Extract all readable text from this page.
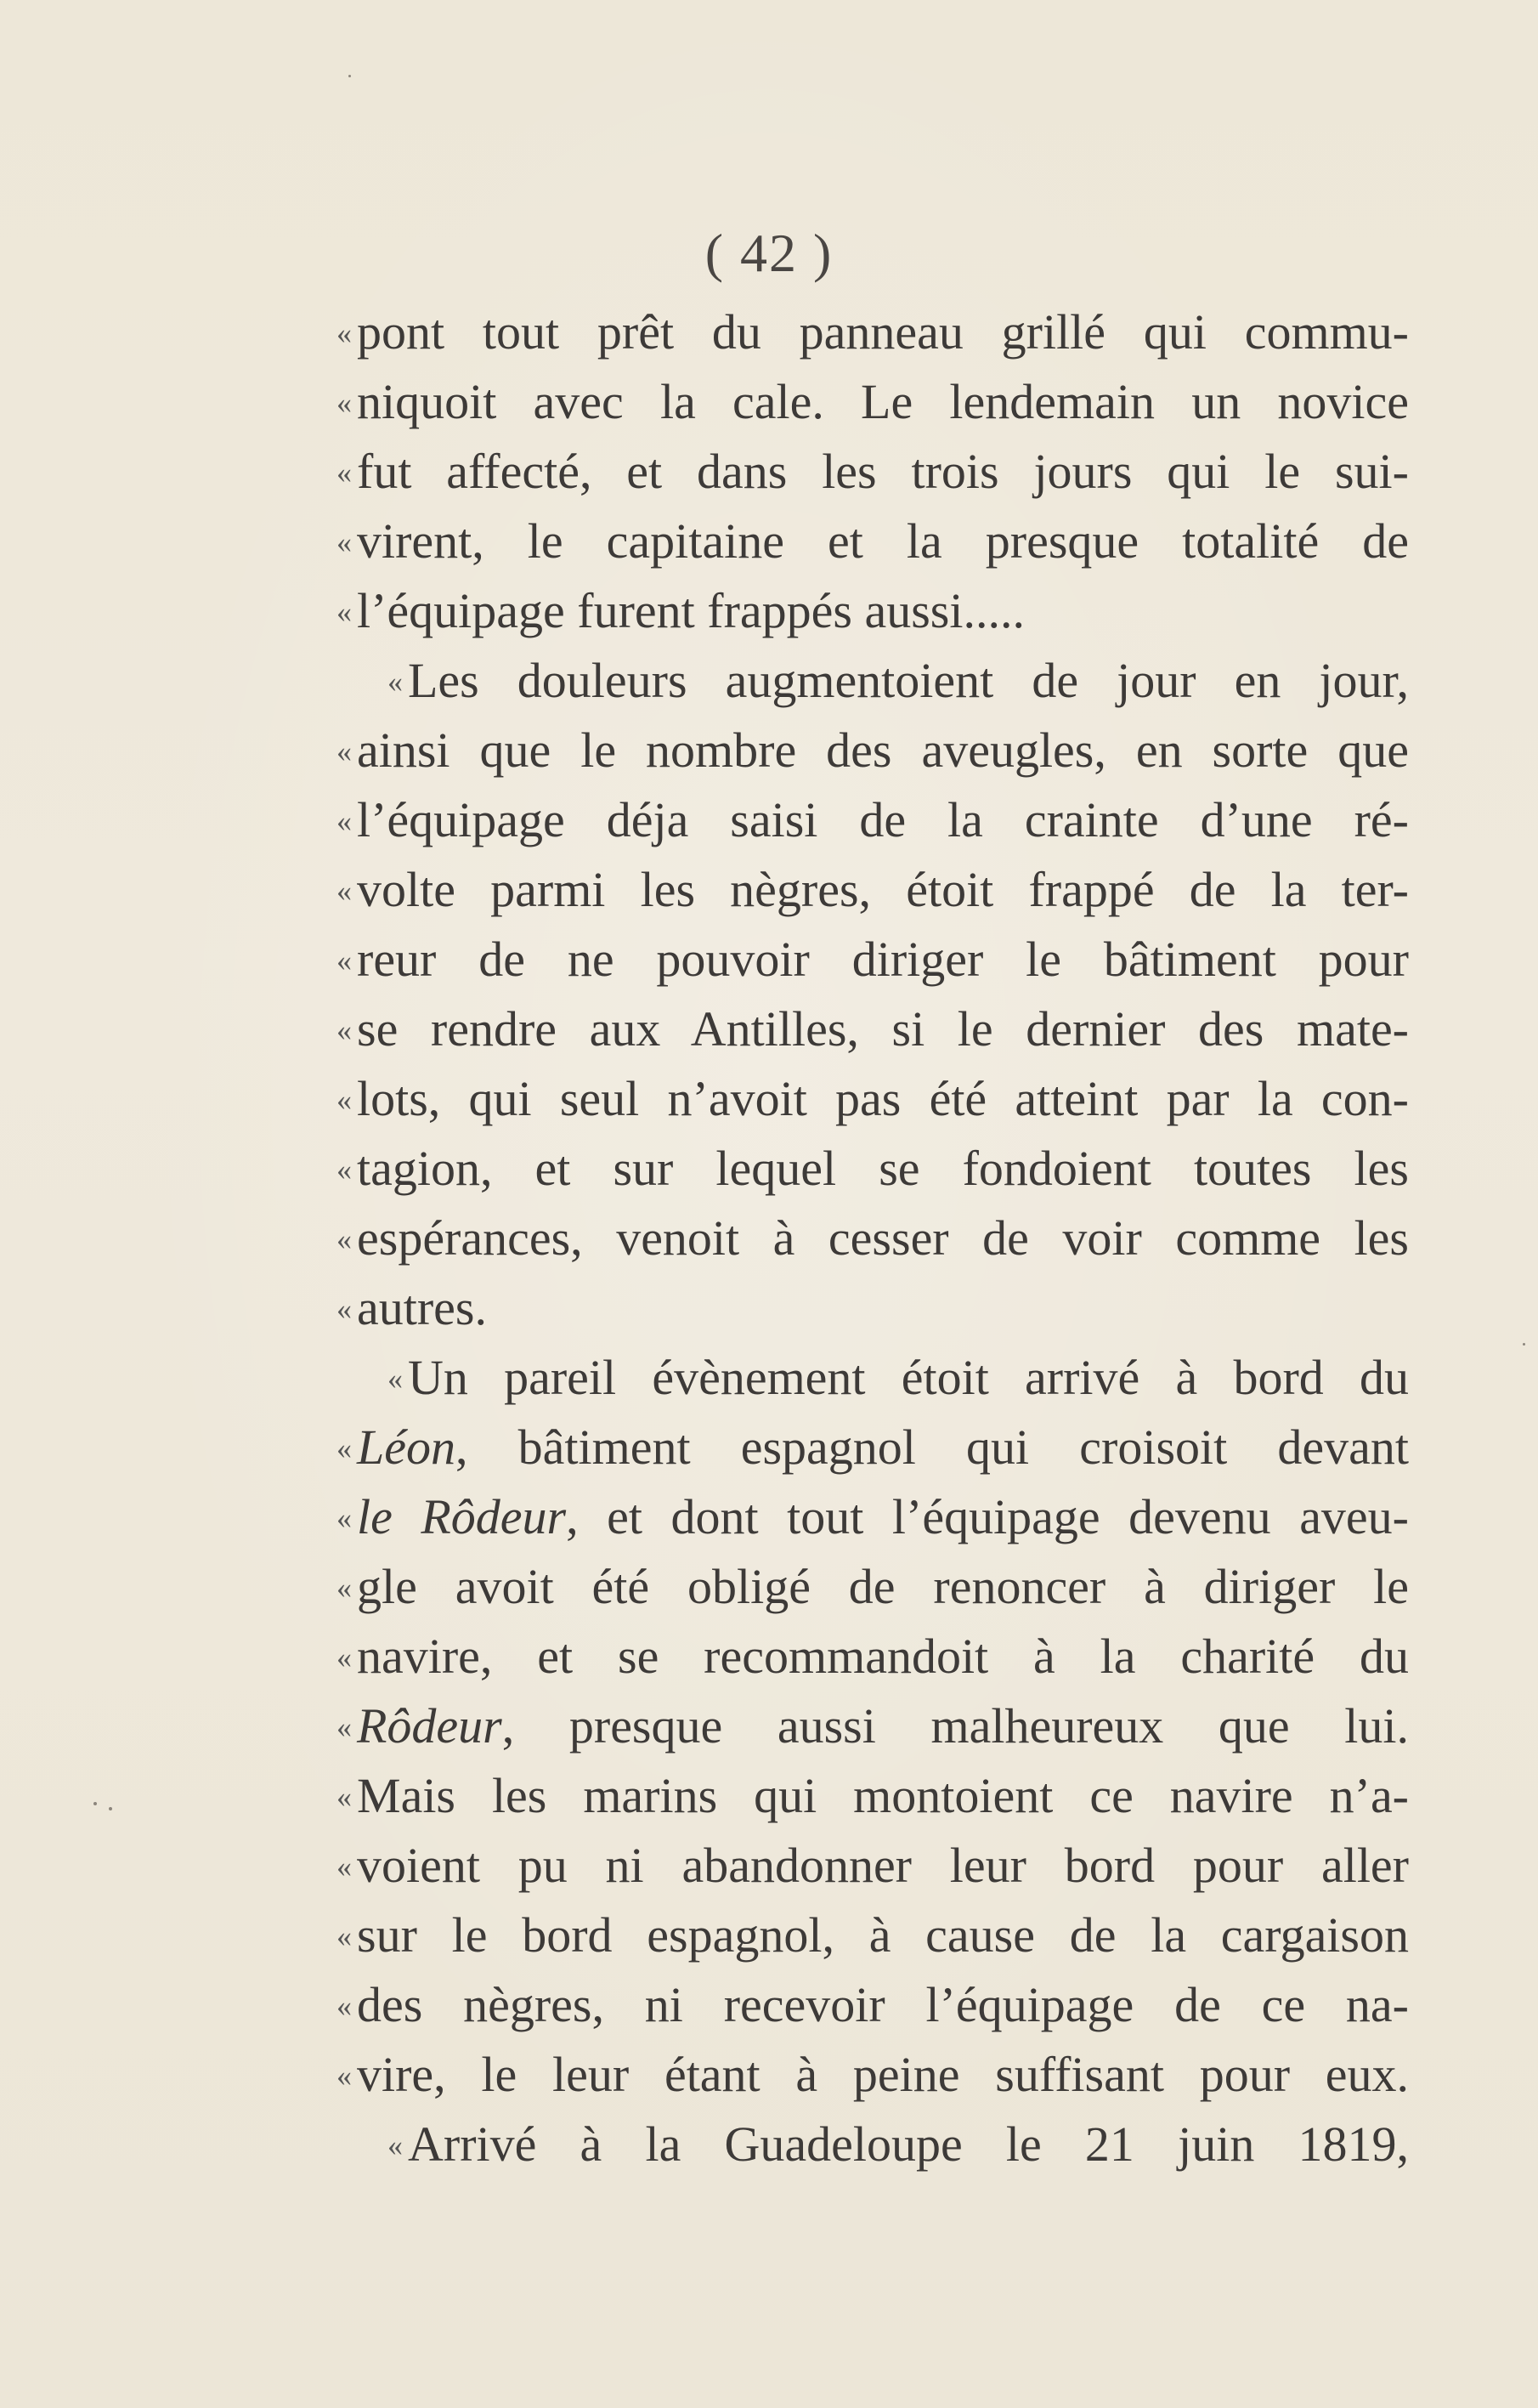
( 42 )
« pont tout prêt du panneau grillé qui commu-
« niquoit avec la cale. Le lendemain un novice
« fut affecté, et dans les trois jours qui le sui-
« virent, le capitaine et la presque totalité de
« l’équipage furent frappés aussi.....
« Les douleurs augmentoient de jour en jour,
« ainsi que le nombre des aveugles, en sorte que
« l’équipage déja saisi de la crainte d’une ré-
« volte parmi les nègres, étoit frappé de la ter-
« reur de ne pouvoir diriger le bâtiment pour
« se rendre aux Antilles, si le dernier des mate-
« lots, qui seul n’avoit pas été atteint par la con-
« tagion, et sur lequel se fondoient toutes les
« espérances, venoit à cesser de voir comme les
« autres.
« Un pareil évènement étoit arrivé à bord du
« Léon, bâtiment espagnol qui croisoit devant
« le Rôdeur, et dont tout l’équipage devenu aveu-
« gle avoit été obligé de renoncer à diriger le
« navire, et se recommandoit à la charité du
« Rôdeur, presque aussi malheureux que lui.
« Mais les marins qui montoient ce navire n’a-
« voient pu ni abandonner leur bord pour aller
« sur le bord espagnol, à cause de la cargaison
« des nègres, ni recevoir l’équipage de ce na-
« vire, le leur étant à peine suffisant pour eux.
« Arrivé à la Guadeloupe le 21 juin 1819,
